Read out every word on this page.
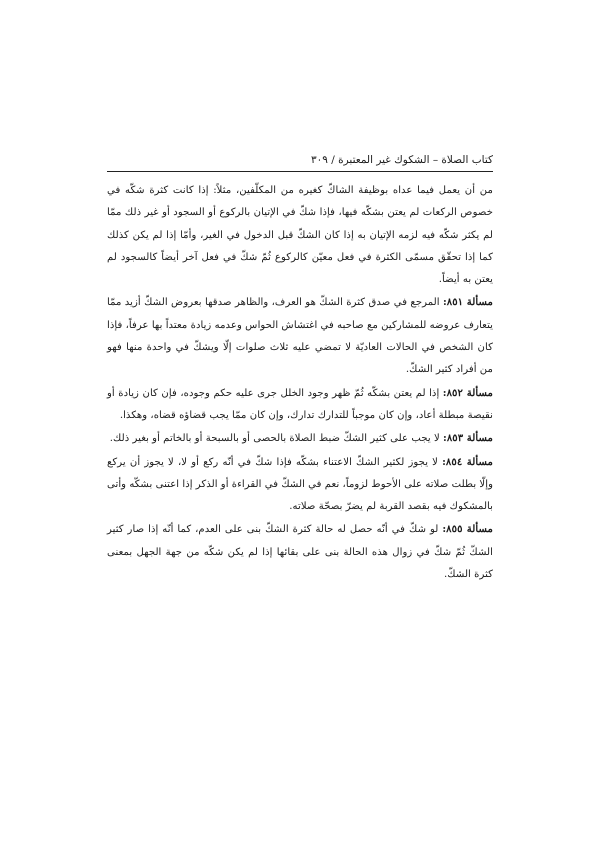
كتاب الصلاة – الشكوك غير المعتبرة / ٣٠٩

من أن يعمل فيما عداه بوظيفة الشاكّ كغيره من المكلّفين، مثلاً: إذا كانت كثرة شكّه في خصوص الركعات لم يعتن بشكّه فيها، فإذا شكّ في الإتيان بالركوع أو السجود أو غير ذلك ممّا لم يكثر شكّه فيه لزمه الإتيان به إذا كان الشكّ قبل الدخول في الغير، وأمّا إذا لم يكن كذلك كما إذا تحقّق مسمّى الكثرة في فعل معيّن كالركوع ثُمّ شكّ في فعل آخر أيضاً كالسجود لم يعتن به أيضاً.

مسألة ٨٥١: المرجع في صدق كثرة الشكّ هو العرف، والظاهر صدقها بعروض الشكّ أزيد ممّا يتعارف عروضه للمشاركين مع صاحبه في اغتشاش الحواس وعدمه زيادة معتداً بها عرفاً، فإذا كان الشخص في الحالات العاديّة لا تمضي عليه ثلاث صلوات إلّا ويشكّ في واحدة منها فهو من أفراد كثير الشكّ.

مسألة ٨٥٢: إذا لم يعتن بشكّه ثُمّ ظهر وجود الخلل جرى عليه حكم وجوده، فإن كان زيادة أو نقيصة مبطلة أعاد، وإن كان موجباً للتدارك تدارك، وإن كان ممّا يجب قضاؤه قضاه، وهكذا.

مسألة ٨٥٣: لا يجب على كثير الشكّ ضبط الصلاة بالحصى أو بالسبحة أو بالخاتم أو بغير ذلك.

مسألة ٨٥٤: لا يجوز لكثير الشكّ الاعتناء بشكّه فإذا شكّ في أنّه ركع أو لا، لا يجوز أن يركع وإلّا بطلت صلاته على الأحوط لزوماً، نعم في الشكّ في القراءة أو الذكر إذا اعتنى بشكّه وأتى بالمشكوك فيه بقصد القربة لم يضرّ بصحّة صلاته.

مسألة ٨٥٥: لو شكّ في أنّه حصل له حالة كثرة الشكّ بنى على العدم، كما أنّه إذا صار كثير الشكّ ثُمّ شكّ في زوال هذه الحالة بنى على بقائها إذا لم يكن شكّه من جهة الجهل بمعنى كثرة الشكّ.
